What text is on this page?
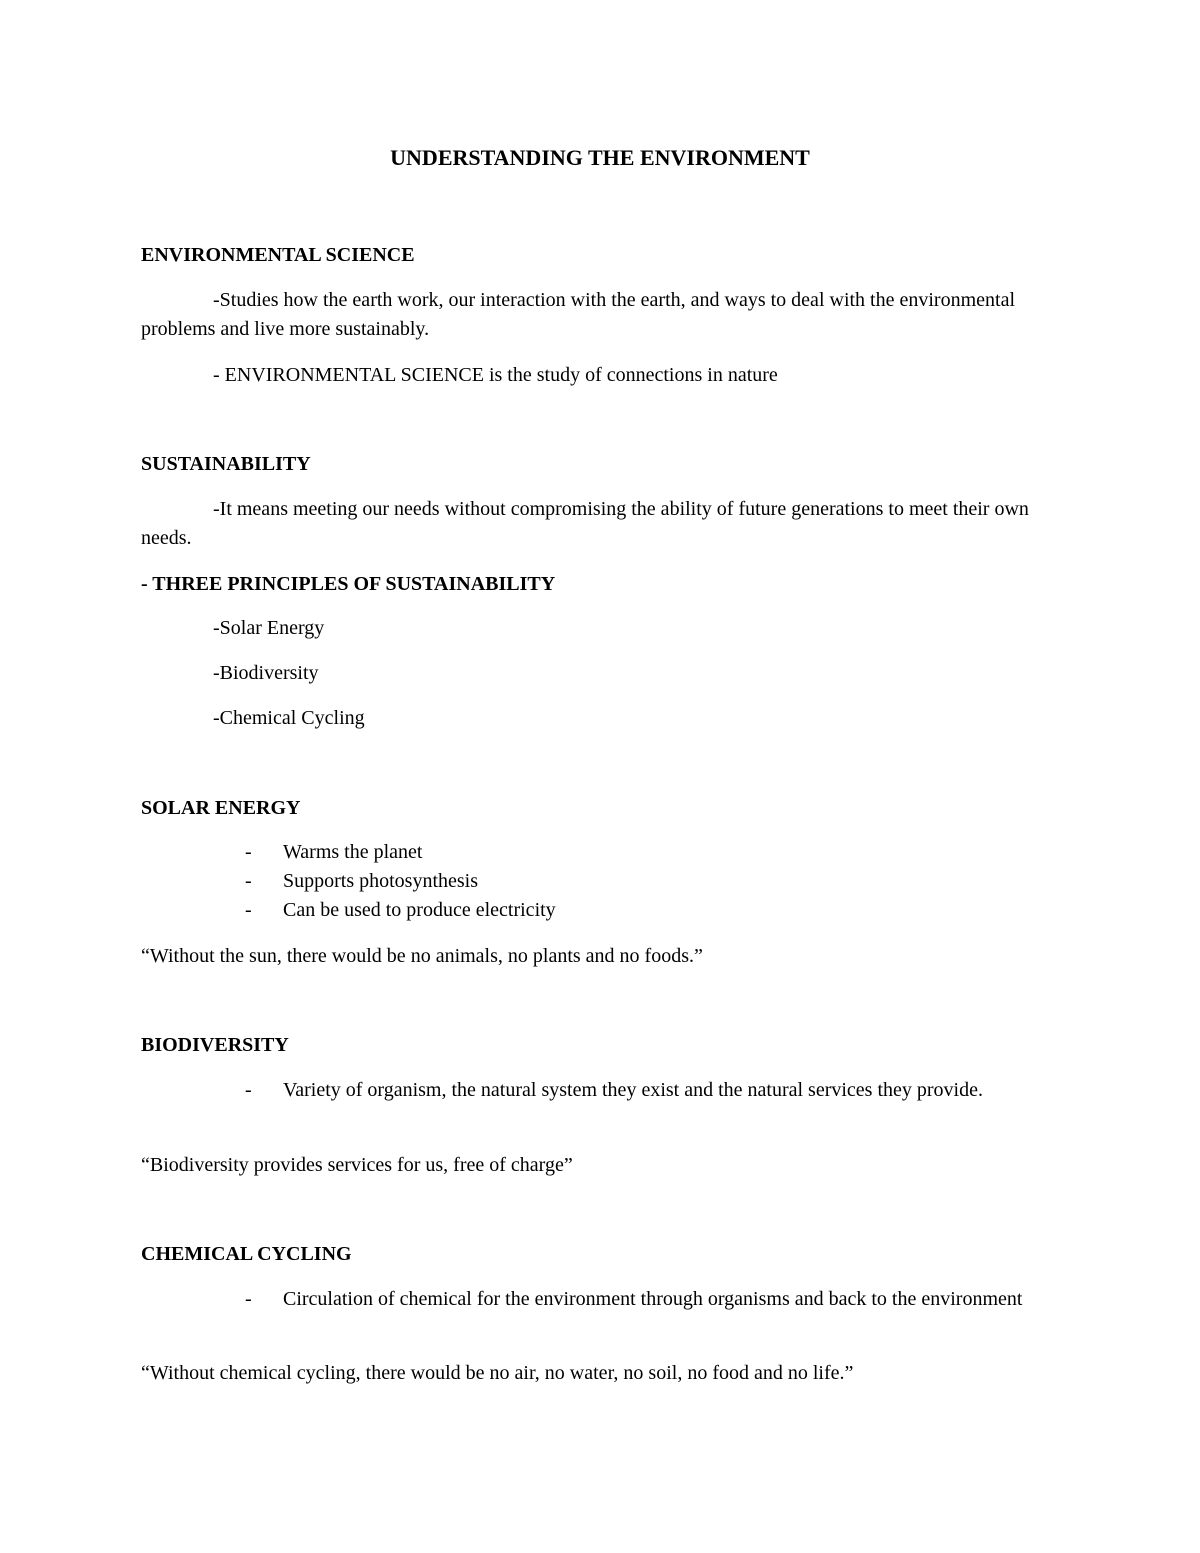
UNDERSTANDING THE ENVIRONMENT

ENVIRONMENTAL SCIENCE

-Studies how the earth work, our interaction with the earth, and ways to deal with the environmental problems and live more sustainably.

- ENVIRONMENTAL SCIENCE is the study of connections in nature

SUSTAINABILITY

-It means meeting our needs without compromising the ability of future generations to meet their own needs.

- THREE PRINCIPLES OF SUSTAINABILITY

-Solar Energy

-Biodiversity

-Chemical Cycling

SOLAR ENERGY

- Warms the planet
- Supports photosynthesis
- Can be used to produce electricity

“Without the sun, there would be no animals, no plants and no foods.”

BIODIVERSITY

- Variety of organism, the natural system they exist and the natural services they provide.

“Biodiversity provides services for us, free of charge”

CHEMICAL CYCLING

- Circulation of chemical for the environment through organisms and back to the environment

“Without chemical cycling, there would be no air, no water, no soil, no food and no life.”
